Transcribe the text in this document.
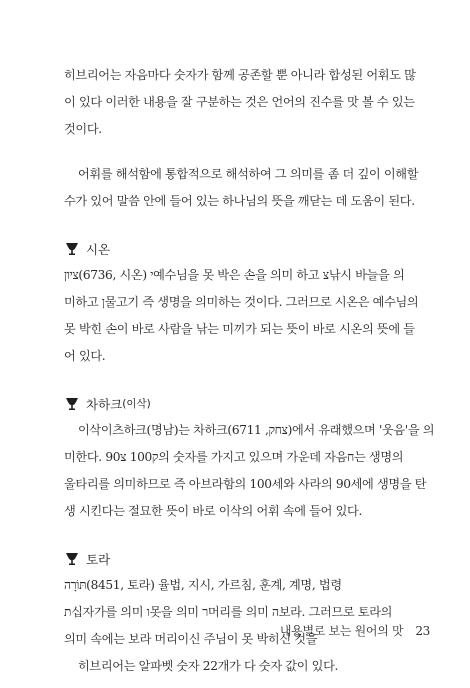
히브리어는 자음마다 숫자가 함께 공존할 뿐 아니라 합성된 어휘도 많

이 있다 이러한 내용을 잘 구분하는 것은 언어의 진수를 맛 볼 수 있는

것이다.

어휘를 해석함에 통합적으로 해석하여 그 의미를 좀 더 깊이 이해할

수가 있어 말씀 안에 들어 있는 하나님의 뜻을 깨닫는 데 도움이 된다.

시온

ציון(6736, 시온) י예수님을 못 박은 손을 의미 하고 צ낚시 바늘을 의

미하고 ן물고기 즉 생명을 의미하는 것이다. 그러므로 시온은 예수님의

못 박힌 손이 바로 사람을 낚는 미끼가 되는 뜻이 바로 시온의 뜻에 들

어 있다.

차하크 (이삭)

이삭이츠하크(명남)는 차하크(צחק, 6711)에서 유래했으며 '웃음'을 의

미한다. ק100 צ90의 숫자를 가지고 있으며 가운데 자음ח는 생명의

울타리를 의미하므로 즉 아브라함의 100세와 사라의 90세에 생명을 탄

생 시킨다는 절묘한 뜻이 바로 이삭의 어휘 속에 들어 있다.

토라

תּוֹרָה(8451, 토라) 율법, 지시, 가르침, 훈계, 계명, 법령

ת십자가를 의미 ו못을 의미 ר머리를 의미 ה보라. 그러므로 토라의

의미 속에는 보라 머리이신 주님이 못 박히신 것을

히브리어는 알파벳 숫자 22개가 다 숫자 값이 있다.

내용별로 보는 원어의 맛 23
